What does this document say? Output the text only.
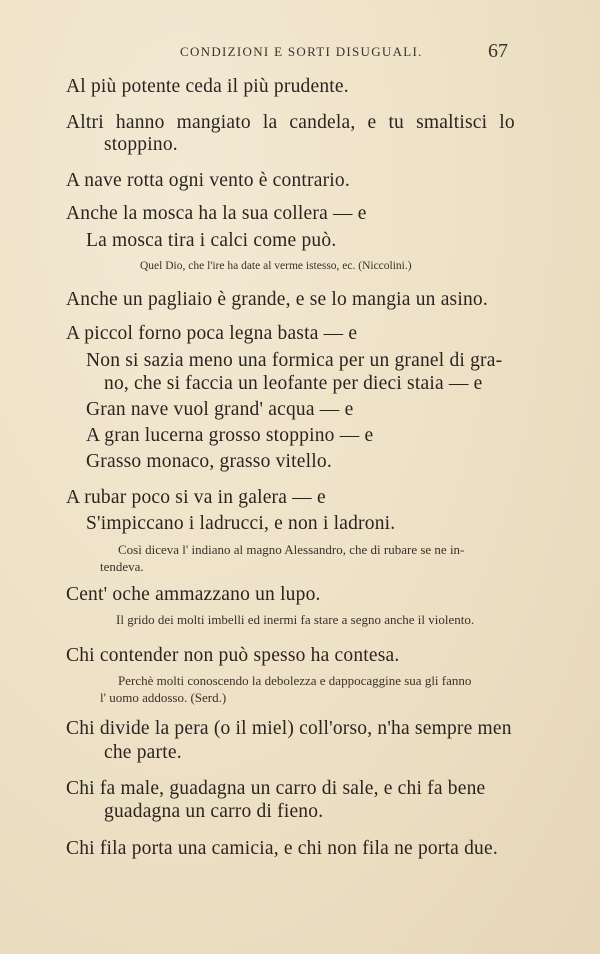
CONDIZIONI E SORTI DISUGUALI.	67
Al più potente ceda il più prudente.
Altri hanno mangiato la candela, e tu smaltisci lo
stoppino.
A nave rotta ogni vento è contrario.
Anche la mosca ha la sua collera — e
La mosca tira i calci come può.
Quel Dio, che l'ire ha date al verme istesso, ec. (Niccolini.)
Anche un pagliaio è grande, e se lo mangia un asino.
A piccol forno poca legna basta — e
Non si sazia meno una formica per un granel di gra-
no, che si faccia un leofante per dieci staia — e
Gran nave vuol grand' acqua — e
A gran lucerna grosso stoppino — e
Grasso monaco, grasso vitello.
A rubar poco si va in galera — e
S'impiccano i ladrucci, e non i ladroni.
Così diceva l' indiano al magno Alessandro, che di rubare se ne in-
tendeva.
Cent' oche ammazzano un lupo.
Il grido dei molti imbelli ed inermi fa stare a segno anche il violento.
Chi contender non può spesso ha contesa.
Perchè molti conoscendo la debolezza e dappocaggine sua gli fanno
l' uomo addosso. (Serd.)
Chi divide la pera (o il miel) coll'orso, n'ha sempre men
che parte.
Chi fa male, guadagna un carro di sale, e chi fa bene
guadagna un carro di fieno.
Chi fila porta una camicia, e chi non fila ne porta due.
